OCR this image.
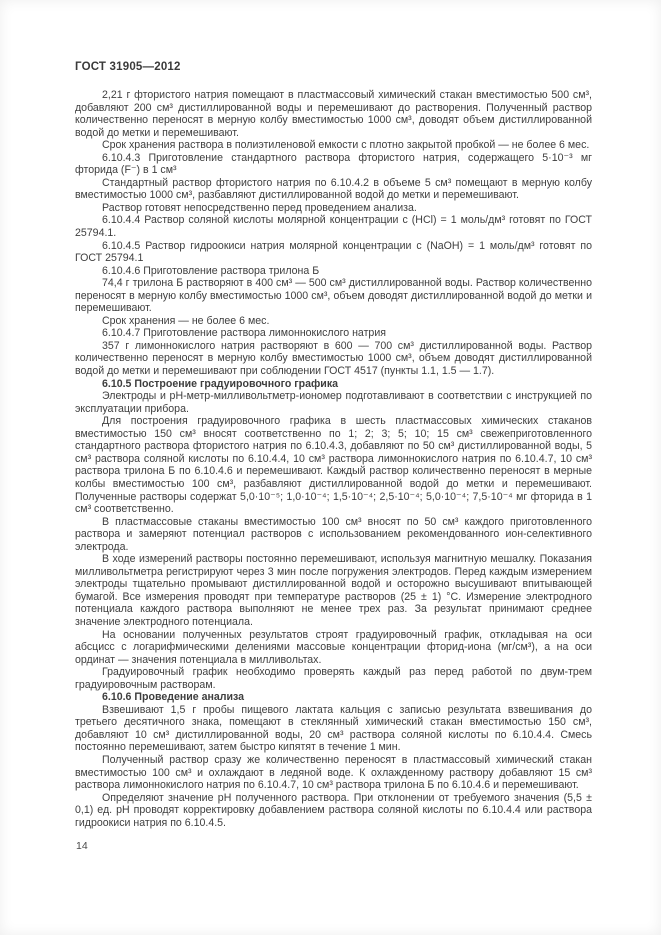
ГОСТ 31905—2012

2,21 г фтористого натрия помещают в пластмассовый химический стакан вместимостью 500 см³, добавляют 200 см³ дистиллированной воды и перемешивают до растворения. Полученный раствор количественно переносят в мерную колбу вместимостью 1000 см³, доводят объем дистиллированной водой до метки и перемешивают.

Срок хранения раствора в полиэтиленовой емкости с плотно закрытой пробкой — не более 6 мес.

6.10.4.3 Приготовление стандартного раствора фтористого натрия, содержащего 5·10⁻³ мг фторида (F⁻) в 1 см³

Стандартный раствор фтористого натрия по 6.10.4.2 в объеме 5 см³ помещают в мерную колбу вместимостью 1000 см³, разбавляют дистиллированной водой до метки и перемешивают.

Раствор готовят непосредственно перед проведением анализа.

6.10.4.4 Раствор соляной кислоты молярной концентрации с (HCl) = 1 моль/дм³ готовят по ГОСТ 25794.1.

6.10.4.5 Раствор гидроокиси натрия молярной концентрации с (NaOH) = 1 моль/дм³ готовят по ГОСТ 25794.1

6.10.4.6 Приготовление раствора трилона Б

74,4 г трилона Б растворяют в 400 см³ — 500 см³ дистиллированной воды. Раствор количественно переносят в мерную колбу вместимостью 1000 см³, объем доводят дистиллированной водой до метки и перемешивают.

Срок хранения — не более 6 мес.

6.10.4.7 Приготовление раствора лимоннокислого натрия

357 г лимоннокислого натрия растворяют в 600 — 700 см³ дистиллированной воды. Раствор количественно переносят в мерную колбу вместимостью 1000 см³, объем доводят дистиллированной водой до метки и перемешивают при соблюдении ГОСТ 4517 (пункты 1.1, 1.5 — 1.7).

6.10.5 Построение градуировочного графика

Электроды и рН-метр-милливольтметр-иономер подготавливают в соответствии с инструкцией по эксплуатации прибора.

Для построения градуировочного графика в шесть пластмассовых химических стаканов вместимостью 150 см³ вносят соответственно по 1; 2; 3; 5; 10; 15 см³ свежеприготовленного стандартного раствора фтористого натрия по 6.10.4.3, добавляют по 50 см³ дистиллированной воды, 5 см³ раствора соляной кислоты по 6.10.4.4, 10 см³ раствора лимоннокислого натрия по 6.10.4.7, 10 см³ раствора трилона Б по 6.10.4.6 и перемешивают. Каждый раствор количественно переносят в мерные колбы вместимостью 100 см³, разбавляют дистиллированной водой до метки и перемешивают. Полученные растворы содержат 5,0·10⁻⁵; 1,0·10⁻⁴; 1,5·10⁻⁴; 2,5·10⁻⁴; 5,0·10⁻⁴; 7,5·10⁻⁴ мг фторида в 1 см³ соответственно.

В пластмассовые стаканы вместимостью 100 см³ вносят по 50 см³ каждого приготовленного раствора и замеряют потенциал растворов с использованием рекомендованного ион-селективного электрода.

В ходе измерений растворы постоянно перемешивают, используя магнитную мешалку. Показания милливольтметра регистрируют через 3 мин после погружения электродов. Перед каждым измерением электроды тщательно промывают дистиллированной водой и осторожно высушивают впитывающей бумагой. Все измерения проводят при температуре растворов (25 ± 1) °С. Измерение электродного потенциала каждого раствора выполняют не менее трех раз. За результат принимают среднее значение электродного потенциала.

На основании полученных результатов строят градуировочный график, откладывая на оси абсцисс с логарифмическими делениями массовые концентрации фторид-иона (мг/см³), а на оси ординат — значения потенциала в милливольтах.

Градуировочный график необходимо проверять каждый раз перед работой по двум-трем градуировочным растворам.

6.10.6 Проведение анализа

Взвешивают 1,5 г пробы пищевого лактата кальция с записью результата взвешивания до третьего десятичного знака, помещают в стеклянный химический стакан вместимостью 150 см³, добавляют 10 см³ дистиллированной воды, 20 см³ раствора соляной кислоты по 6.10.4.4. Смесь постоянно перемешивают, затем быстро кипятят в течение 1 мин.

Полученный раствор сразу же количественно переносят в пластмассовый химический стакан вместимостью 100 см³ и охлаждают в ледяной воде. К охлажденному раствору добавляют 15 см³ раствора лимоннокислого натрия по 6.10.4.7, 10 см³ раствора трилона Б по 6.10.4.6 и перемешивают.

Определяют значение рН полученного раствора. При отклонении от требуемого значения (5,5 ± 0,1) ед. рН проводят корректировку добавлением раствора соляной кислоты по 6.10.4.4 или раствора гидроокиси натрия по 6.10.4.5.

14
